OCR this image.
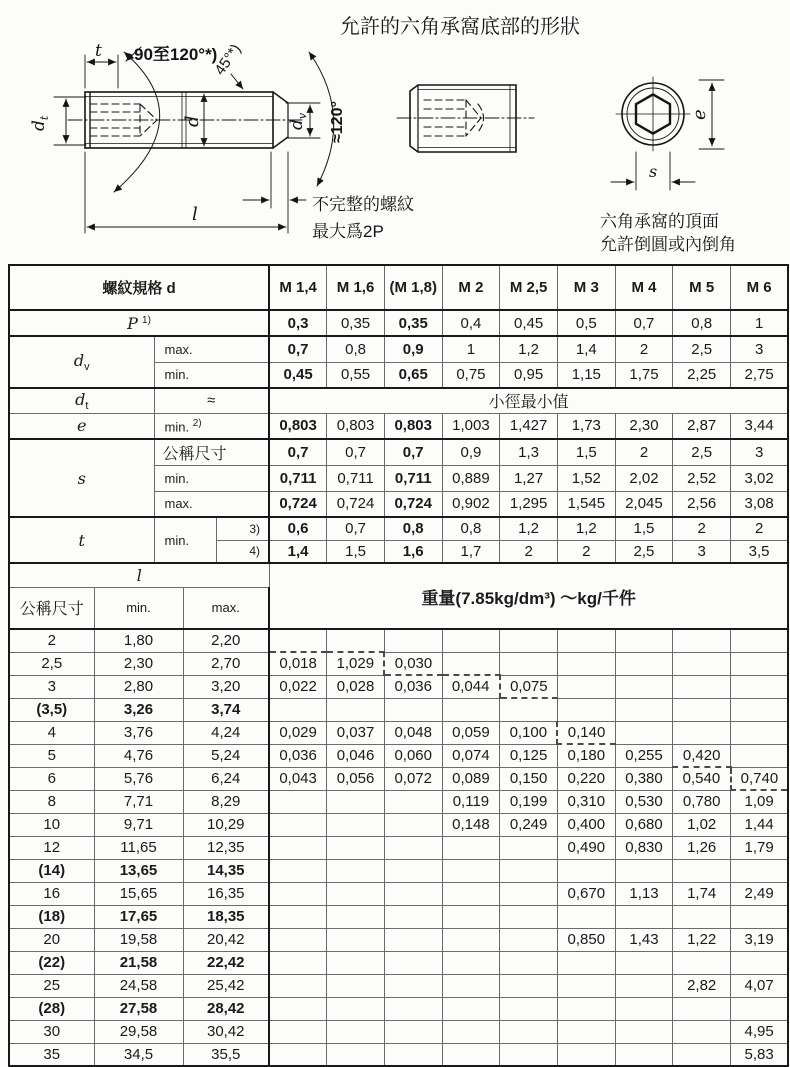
允許的六角承窩底部的形狀
t 90至120°*)
45°*)
d
$d_t$
$d_v \approx 120^\circ$
l	不完整的螺紋
最大爲2P
e
s
六角承窩的頂面
允許倒圓或內倒角
螺紋規格 d			M 1,4	M 1,6	(M 1,8)	M 2	M 2,5	M 3	M 4	M 5	M 6
P $^{1)}$			0,3	0,35	0,35	0,4	0,45	0,5	0,7	0,8	1
$d_v$	max.		0,7	0,8	0,9	1	1,2	1,4	2	2,5	3
	min.		0,45	0,55	0,65	0,75	0,95	1,15	1,75	2,25	2,75
$d_t$	≈		小徑最小值								
e	min. $^{2)}$		0,803	0,803	0,803	1,003	1,427	1,73	2,30	2,87	3,44
s	公稱尺寸		0,7	0,7	0,7	0,9	1,3	1,5	2	2,5	3
	min.		0,711	0,711	0,711	0,889	1,27	1,52	2,02	2,52	3,02
	max.		0,724	0,724	0,724	0,902	1,295	1,545	2,045	2,56	3,08
t	min.	3)	0,6	0,7	0,8	0,8	1,2	1,2	1,5	2	2
		4)	1,4	1,5	1,6	1,7	2	2	2,5	3	3,5
l			重量(7.85kg/dm³) ～kg/千件								
公稱尺寸	min.	max.									
2	1,80	2,20									
2,5	2,30	2,70	0,018	1,029	0,030						
3	2,80	3,20	0,022	0,028	0,036	0,044	0,075				
(3,5)	3,26	3,74									
4	3,76	4,24	0,029	0,037	0,048	0,059	0,100	0,140			
5	4,76	5,24	0,036	0,046	0,060	0,074	0,125	0,180	0,255	0,420	
6	5,76	6,24	0,043	0,056	0,072	0,089	0,150	0,220	0,380	0,540	0,740
8	7,71	8,29				0,119	0,199	0,310	0,530	0,780	1,09
10	9,71	10,29				0,148	0,249	0,400	0,680	1,02	1,44
12	11,65	12,35						0,490	0,830	1,26	1,79
(14)	13,65	14,35									
16	15,65	16,35						0,670	1,13	1,74	2,49
(18)	17,65	18,35									
20	19,58	20,42						0,850	1,43	1,22	3,19
(22)	21,58	22,42									
25	24,58	25,42								2,82	4,07
(28)	27,58	28,42									
30	29,58	30,42									4,95
35	34,5	35,5									5,83
